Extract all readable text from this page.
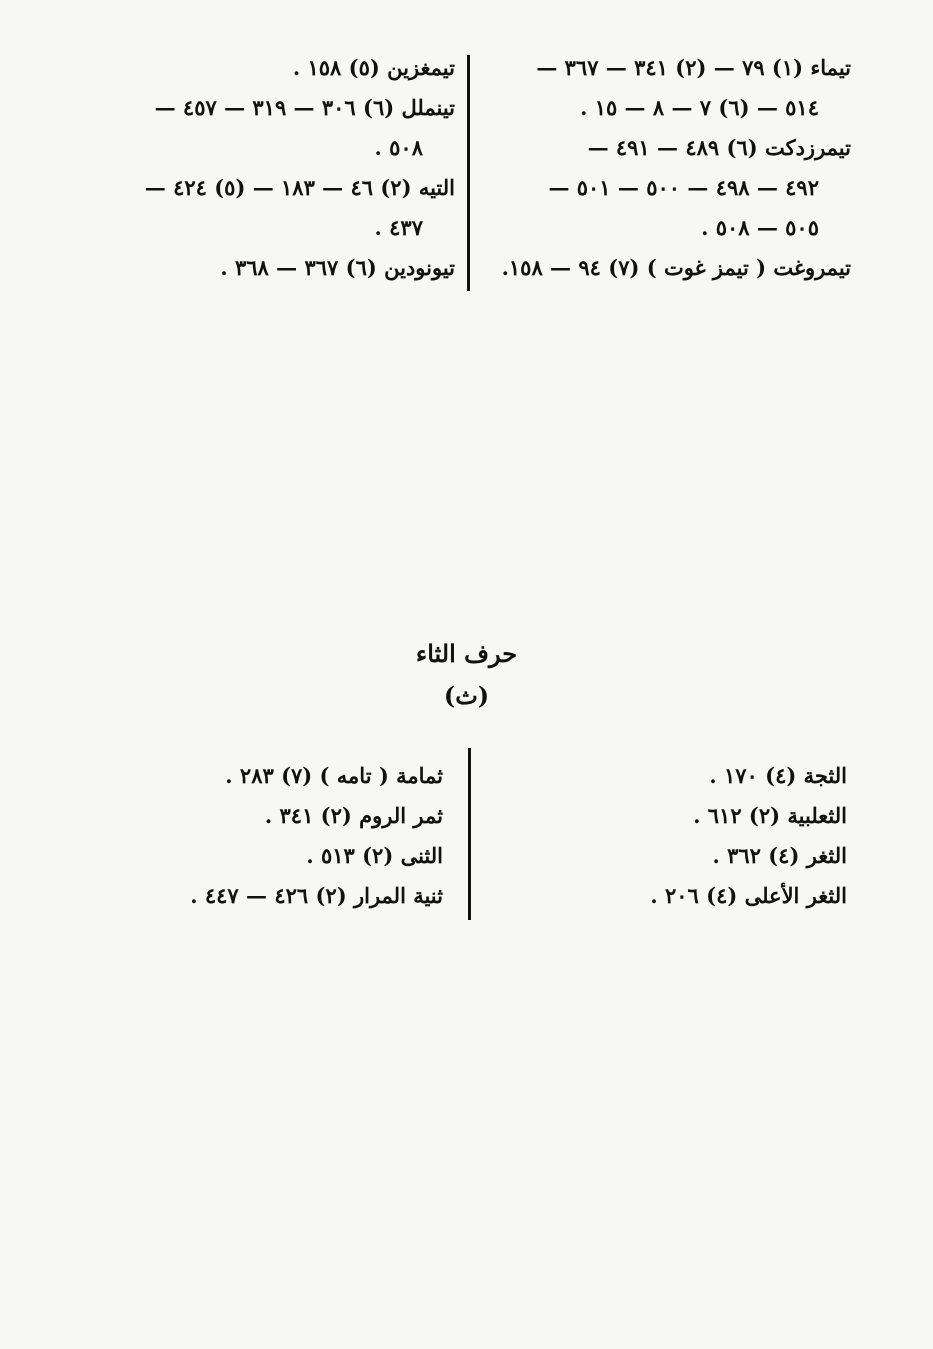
تيماء (١) ٧٩ — (٢) ٣٤١ — ٣٦٧ —
٥١٤ — (٦) ٧ — ٨ — ١٥ .
تيمرزدكت (٦) ٤٨٩ — ٤٩١ —
٤٩٢ — ٤٩٨ — ٥٠٠ — ٥٠١ —
٥٠٥ — ٥٠٨ .
تيمروغت ( تيمز غوت ) (٧) ٩٤ — ١٥٨.
تيمغزين (٥) ١٥٨ .
تينملل (٦) ٣٠٦ — ٣١٩ — ٤٥٧ —
٥٠٨ .
التيه (٢) ٤٦ — ١٨٣ — (٥) ٤٢٤ —
٤٣٧ .
تيونودين (٦) ٣٦٧ — ٣٦٨ .
حرف الثاء
(ث)
الثجة (٤) ١٧٠ .
الثعلبية (٢) ٦١٢ .
الثغر (٤) ٣٦٢ .
الثغر الأعلى (٤) ٢٠٦ .
ثمامة ( تامه ) (٧) ٢٨٣ .
ثمر الروم (٢) ٣٤١ .
الثنى (٢) ٥١٣ .
ثنية المرار (٢) ٤٢٦ — ٤٤٧ .
